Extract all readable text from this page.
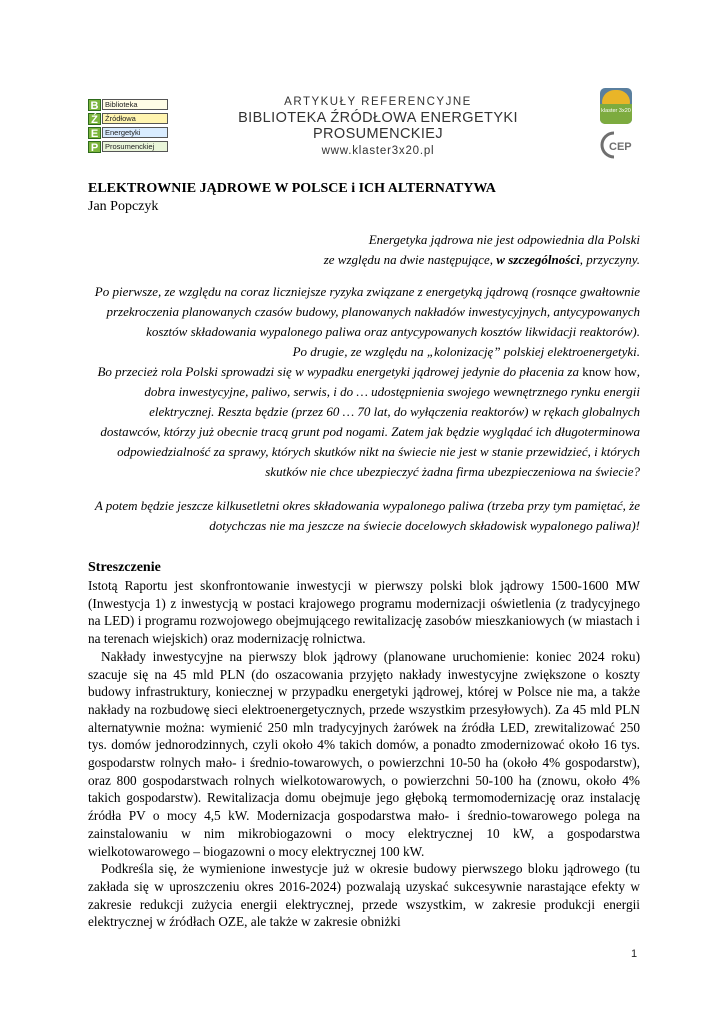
B Biblioteka
Ź Źródłowa
E Energetyki
P Prosumenckiej
ARTYKUŁY REFERENCYJNE
BIBLIOTEKA ŹRÓDŁOWA ENERGETYKI PROSUMENCKIEJ
www.klaster3x20.pl
klaster 3x20
CEP
ELEKTROWNIE JĄDROWE W POLSCE i ICH ALTERNATYWA
Jan Popczyk
Energetyka jądrowa nie jest odpowiednia dla Polski
ze względu na dwie następujące, w szczególności, przyczyny.
Po pierwsze, ze względu na coraz liczniejsze ryzyka związane z energetyką jądrową (rosnące gwałtownie przekroczenia planowanych czasów budowy, planowanych nakładów inwestycyjnych, antycypowanych kosztów składowania wypalonego paliwa oraz antycypowanych kosztów likwidacji reaktorów).
Po drugie, ze względu na „kolonizację” polskiej elektroenergetyki.
Bo przecież rola Polski sprowadzi się w wypadku energetyki jądrowej jedynie do płacenia za know how, dobra inwestycyjne, paliwo, serwis, i do … udostępnienia swojego wewnętrznego rynku energii elektrycznej. Reszta będzie (przez 60 … 70 lat, do wyłączenia reaktorów) w rękach globalnych dostawców, którzy już obecnie tracą grunt pod nogami. Zatem jak będzie wyglądać ich długoterminowa odpowiedzialność za sprawy, których skutków nikt na świecie nie jest w stanie przewidzieć, i których skutków nie chce ubezpieczyć żadna firma ubezpieczeniowa na świecie?
A potem będzie jeszcze kilkusetletni okres składowania wypalonego paliwa (trzeba przy tym pamiętać, że dotychczas nie ma jeszcze na świecie docelowych składowisk wypalonego paliwa)!
Streszczenie

Istotą Raportu jest skonfrontowanie inwestycji w pierwszy polski blok jądrowy 1500-1600 MW (Inwestycja 1) z inwestycją w postaci krajowego programu modernizacji oświetlenia (z tradycyjnego na LED) i programu rozwojowego obejmującego rewitalizację zasobów mieszkaniowych (w miastach i na terenach wiejskich) oraz modernizację rolnictwa.

Nakłady inwestycyjne na pierwszy blok jądrowy (planowane uruchomienie: koniec 2024 roku) szacuje się na 45 mld PLN (do oszacowania przyjęto nakłady inwestycyjne zwiększone o koszty budowy infrastruktury, koniecznej w przypadku energetyki jądrowej, której w Polsce nie ma, a także nakłady na rozbudowę sieci elektroenergetycznych, przede wszystkim przesyłowych). Za 45 mld PLN alternatywnie można: wymienić 250 mln tradycyjnych żarówek na źródła LED, zrewitalizować 250 tys. domów jednorodzinnych, czyli około 4% takich domów, a ponadto zmodernizować około 16 tys. gospodarstw rolnych mało- i średnio-towarowych, o powierzchni 10-50 ha (około 4% gospodarstw), oraz 800 gospodarstwach rolnych wielkotowarowych, o powierzchni 50-100 ha (znowu, około 4% takich gospodarstw). Rewitalizacja domu obejmuje jego głęboką termomodernizację oraz instalację źródła PV o mocy 4,5 kW. Modernizacja gospodarstwa mało- i średnio-towarowego polega na zainstalowaniu w nim mikrobiogazowni o mocy elektrycznej 10 kW, a gospodarstwa wielkotowarowego – biogazowni o mocy elektrycznej 100 kW.

Podkreśla się, że wymienione inwestycje już w okresie budowy pierwszego bloku jądrowego (tu zakłada się w uproszczeniu okres 2016-2024) pozwalają uzyskać sukcesywnie narastające efekty w zakresie redukcji zużycia energii elektrycznej, przede wszystkim, w zakresie produkcji energii elektrycznej w źródłach OZE, ale także w zakresie obniżki

1
